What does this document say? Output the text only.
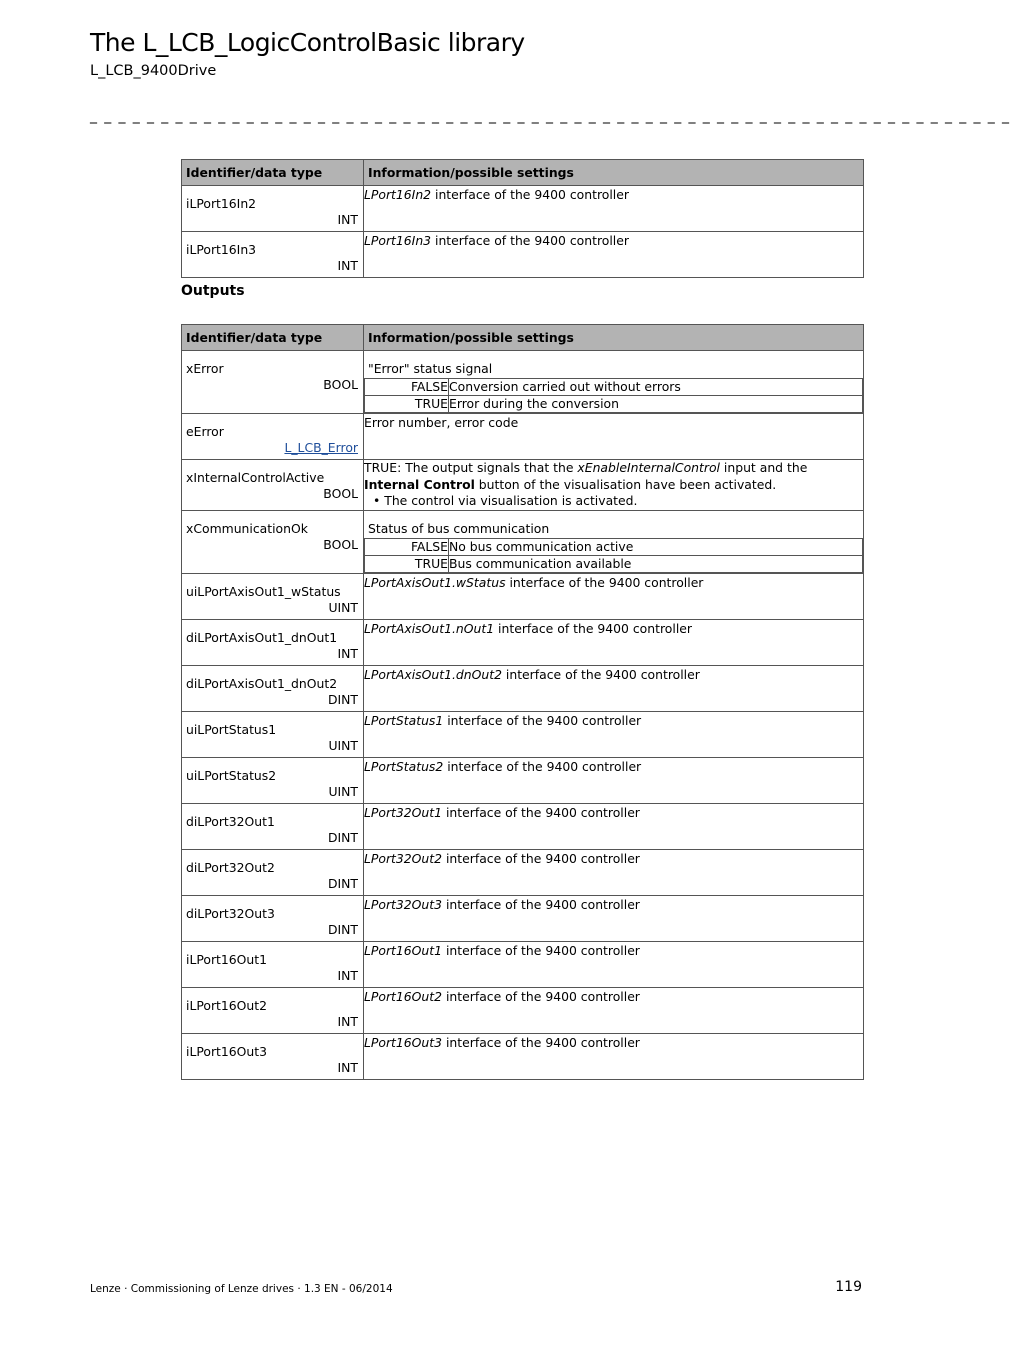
The L_LCB_LogicControlBasic library
L_LCB_9400Drive
_ _ _ _ _ _ _ _ _ _ _ _ _ _ _ _ _ _ _ _ _ _ _ _ _ _ _ _ _ _ _ _ _ _ _ _ _ _ _ _ _ _ _ _ _ _ _ _ _ _ _ _ _ _ _ _ _ _ _ _ _ _ _ _ _
Identifier/data type	Information/possible settings

iLPort16In2
INT	LPort16In2 interface of the 9400 controller

iLPort16In3
INT	LPort16In3 interface of the 9400 controller
Outputs
Identifier/data type	Information/possible settings

xError
BOOL

"Error" status signal
FALSE	Conversion carried out without errors
TRUE	Error during the conversion

eError
L_LCB_Error
	Error number, error code

xInternalControlActive
BOOL
	TRUE: The output signals that the xEnableInternalControl input and the Internal Control button of the visualisation have been activated.
• The control via visualisation is activated.

xCommunicationOk
BOOL

Status of bus communication
FALSE	No bus communication active
TRUE	Bus communication available

uiLPortAxisOut1_wStatus
UINT
	LPortAxisOut1.wStatus interface of the 9400 controller

diLPortAxisOut1_dnOut1
INT
	LPortAxisOut1.nOut1 interface of the 9400 controller

diLPortAxisOut1_dnOut2
DINT
	LPortAxisOut1.dnOut2 interface of the 9400 controller

uiLPortStatus1
UINT
	LPortStatus1 interface of the 9400 controller

uiLPortStatus2
UINT
	LPortStatus2 interface of the 9400 controller

diLPort32Out1
DINT
	LPort32Out1 interface of the 9400 controller

diLPort32Out2
DINT
	LPort32Out2 interface of the 9400 controller

diLPort32Out3
DINT
	LPort32Out3 interface of the 9400 controller

iLPort16Out1
INT
	LPort16Out1 interface of the 9400 controller

iLPort16Out2
INT
	LPort16Out2 interface of the 9400 controller

iLPort16Out3
INT
	LPort16Out3 interface of the 9400 controller
Lenze · Commissioning of Lenze drives · 1.3 EN - 06/2014	119
